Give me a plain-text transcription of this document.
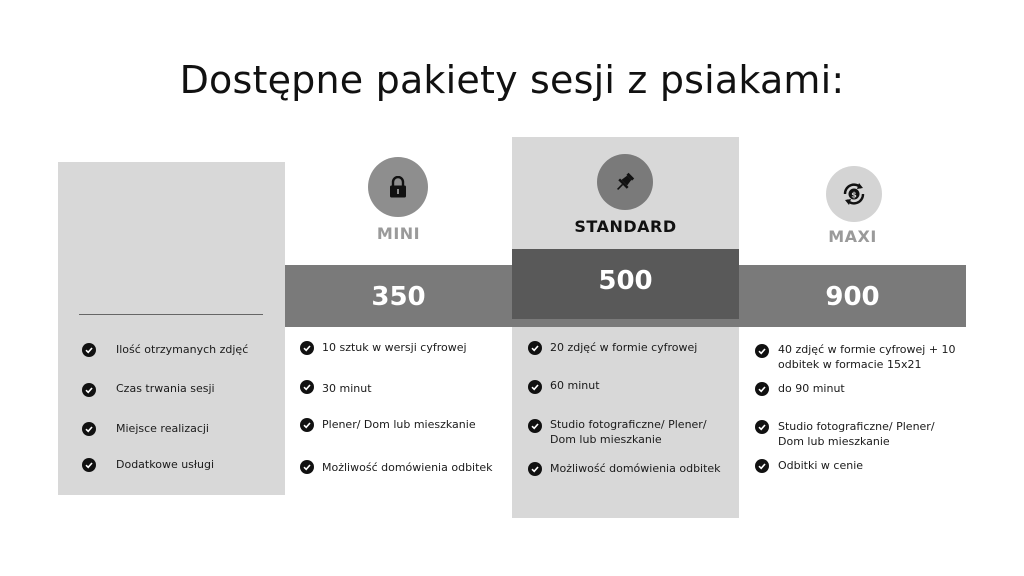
Dostępne pakiety sesji z psiakami:
350
500
900
$
MINI	STANDARD
MAXI
Ilość otrzymanych zdjęć
Czas trwania sesji
Miejsce realizacji
Dodatkowe usługi
10 sztuk w wersji cyfrowej
30 minut
Plener/ Dom lub mieszkanie
Możliwość domówienia odbitek
20 zdjęć w formie cyfrowej
60 minut
Studio fotograficzne/ Plener/ Dom lub mieszkanie
Możliwość domówienia odbitek
40 zdjęć w formie cyfrowej + 10 odbitek w formacie 15x21
do 90 minut
Studio fotograficzne/ Plener/ Dom lub mieszkanie
Odbitki w cenie
